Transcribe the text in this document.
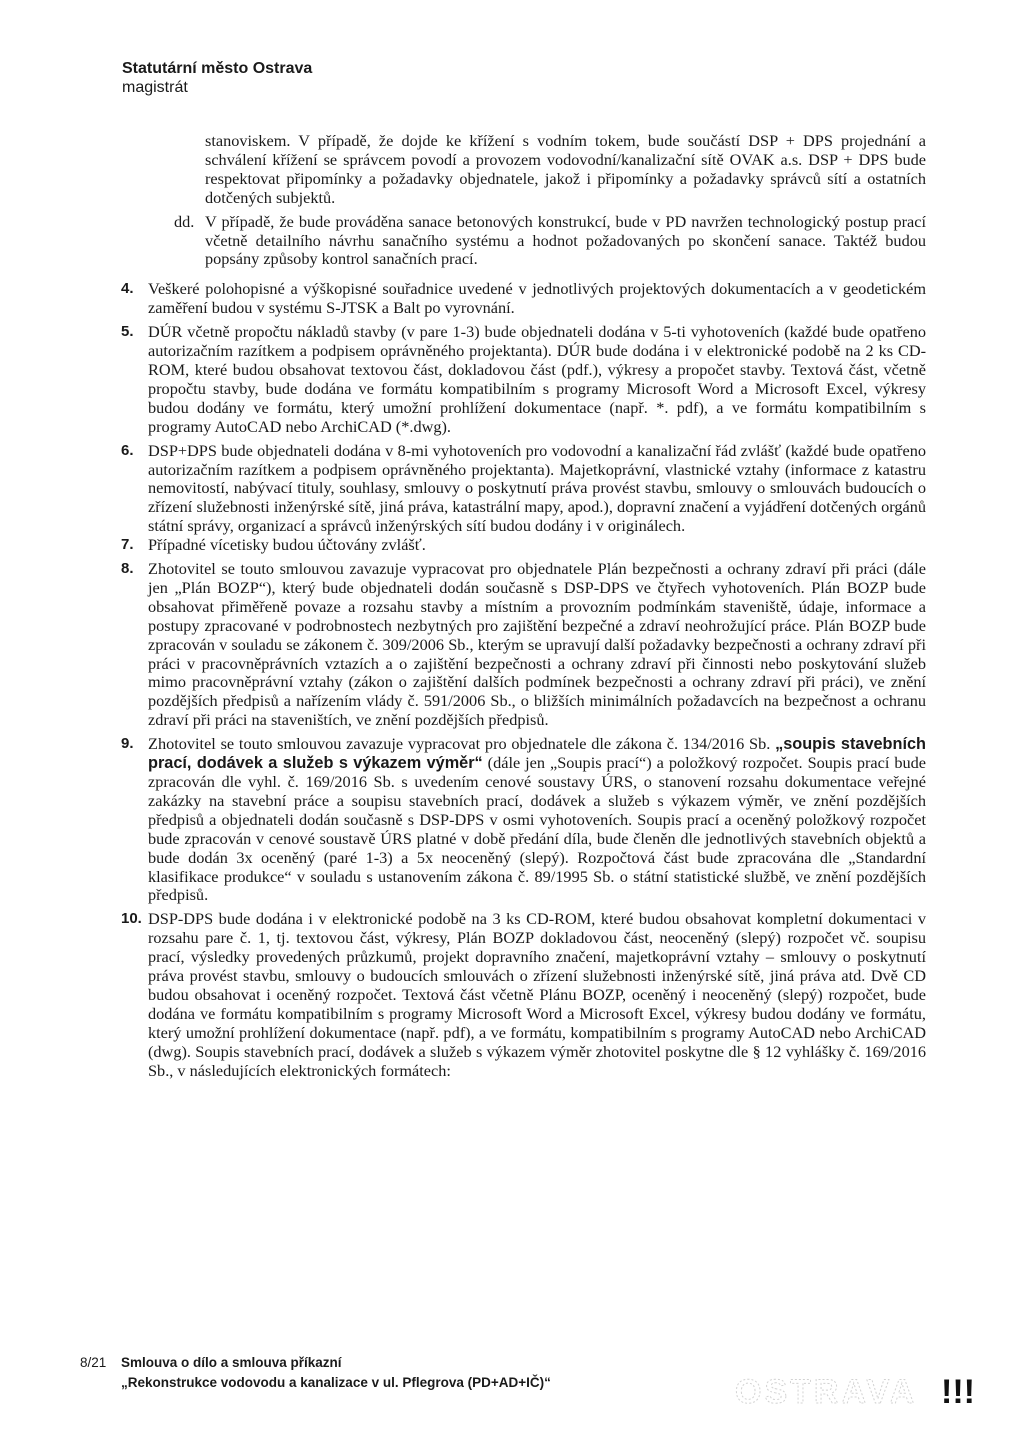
Statutární město Ostrava
magistrát

stanoviskem. V případě, že dojde ke křížení s vodním tokem, bude součástí DSP + DPS projednání a schválení křížení se správcem povodí a provozem vodovodní/kanalizační sítě OVAK a.s. DSP + DPS bude respektovat připomínky a požadavky objednatele, jakož i připomínky a požadavky správců sítí a ostatních dotčených subjektů.

dd. V případě, že bude prováděna sanace betonových konstrukcí, bude v PD navržen technologický postup prací včetně detailního návrhu sanačního systému a hodnot požadovaných po skončení sanace. Taktéž budou popsány způsoby kontrol sanačních prací.

4. Veškeré polohopisné a výškopisné souřadnice uvedené v jednotlivých projektových dokumentacích a v geodetickém zaměření budou v systému S-JTSK a Balt po vyrovnání.

5. DÚR včetně propočtu nákladů stavby (v pare 1-3) bude objednateli dodána v 5-ti vyhotoveních (každé bude opatřeno autorizačním razítkem a podpisem oprávněného projektanta). DÚR bude dodána i v elektronické podobě na 2 ks CD-ROM, které budou obsahovat textovou část, dokladovou část (pdf.), výkresy a propočet stavby. Textová část, včetně propočtu stavby, bude dodána ve formátu kompatibilním s programy Microsoft Word a Microsoft Excel, výkresy budou dodány ve formátu, který umožní prohlížení dokumentace (např. *. pdf), a ve formátu kompatibilním s programy AutoCAD nebo ArchiCAD (*.dwg).

6. DSP+DPS bude objednateli dodána v 8-mi vyhotoveních pro vodovodní a kanalizační řád zvlášť (každé bude opatřeno autorizačním razítkem a podpisem oprávněného projektanta). Majetkoprávní, vlastnické vztahy (informace z katastru nemovitostí, nabývací tituly, souhlasy, smlouvy o poskytnutí práva provést stavbu, smlouvy o smlouvách budoucích o zřízení služebnosti inženýrské sítě, jiná práva, katastrální mapy, apod.), dopravní značení a vyjádření dotčených orgánů státní správy, organizací a správců inženýrských sítí budou dodány i v originálech.

7. Případné vícetisky budou účtovány zvlášť.

8. Zhotovitel se touto smlouvou zavazuje vypracovat pro objednatele Plán bezpečnosti a ochrany zdraví při práci (dále jen „Plán BOZP“), který bude objednateli dodán současně s DSP-DPS ve čtyřech vyhotoveních. Plán BOZP bude obsahovat přiměřeně povaze a rozsahu stavby a místním a provozním podmínkám staveniště, údaje, informace a postupy zpracované v podrobnostech nezbytných pro zajištění bezpečné a zdraví neohrožující práce. Plán BOZP bude zpracován v souladu se zákonem č. 309/2006 Sb., kterým se upravují další požadavky bezpečnosti a ochrany zdraví při práci v pracovněprávních vztazích a o zajištění bezpečnosti a ochrany zdraví při činnosti nebo poskytování služeb mimo pracovněprávní vztahy (zákon o zajištění dalších podmínek bezpečnosti a ochrany zdraví při práci), ve znění pozdějších předpisů a nařízením vlády č. 591/2006 Sb., o bližších minimálních požadavcích na bezpečnost a ochranu zdraví při práci na staveništích, ve znění pozdějších předpisů.

9. Zhotovitel se touto smlouvou zavazuje vypracovat pro objednatele dle zákona č. 134/2016 Sb. „soupis stavebních prací, dodávek a služeb s výkazem výměr“ (dále jen „Soupis prací“) a položkový rozpočet. Soupis prací bude zpracován dle vyhl. č. 169/2016 Sb. s uvedením cenové soustavy ÚRS, o stanovení rozsahu dokumentace veřejné zakázky na stavební práce a soupisu stavebních prací, dodávek a služeb s výkazem výměr, ve znění pozdějších předpisů a objednateli dodán současně s DSP-DPS v osmi vyhotoveních. Soupis prací a oceněný položkový rozpočet bude zpracován v cenové soustavě ÚRS platné v době předání díla, bude členěn dle jednotlivých stavebních objektů a bude dodán 3x oceněný (paré 1-3) a 5x neoceněný (slepý). Rozpočtová část bude zpracována dle „Standardní klasifikace produkce“ v souladu s ustanovením zákona č. 89/1995 Sb. o státní statistické službě, ve znění pozdějších předpisů.

10. DSP-DPS bude dodána i v elektronické podobě na 3 ks CD-ROM, které budou obsahovat kompletní dokumentaci v rozsahu pare č. 1, tj. textovou část, výkresy, Plán BOZP dokladovou část, neoceněný (slepý) rozpočet vč. soupisu prací, výsledky provedených průzkumů, projekt dopravního značení, majetkoprávní vztahy – smlouvy o poskytnutí práva provést stavbu, smlouvy o budoucích smlouvách o zřízení služebnosti inženýrské sítě, jiná práva atd. Dvě CD budou obsahovat i oceněný rozpočet. Textová část včetně Plánu BOZP, oceněný i neoceněný (slepý) rozpočet, bude dodána ve formátu kompatibilním s programy Microsoft Word a Microsoft Excel, výkresy budou dodány ve formátu, který umožní prohlížení dokumentace (např. pdf), a ve formátu, kompatibilním s programy AutoCAD nebo ArchiCAD (dwg). Soupis stavebních prací, dodávek a služeb s výkazem výměr zhotovitel poskytne dle § 12 vyhlášky č. 169/2016 Sb., v následujících elektronických formátech:

8/21 Smlouva o dílo a smlouva příkazní
„Rekonstrukce vodovodu a kanalizace v ul. Pflegrova (PD+AD+IČ)“	OSTRAVA !!!
